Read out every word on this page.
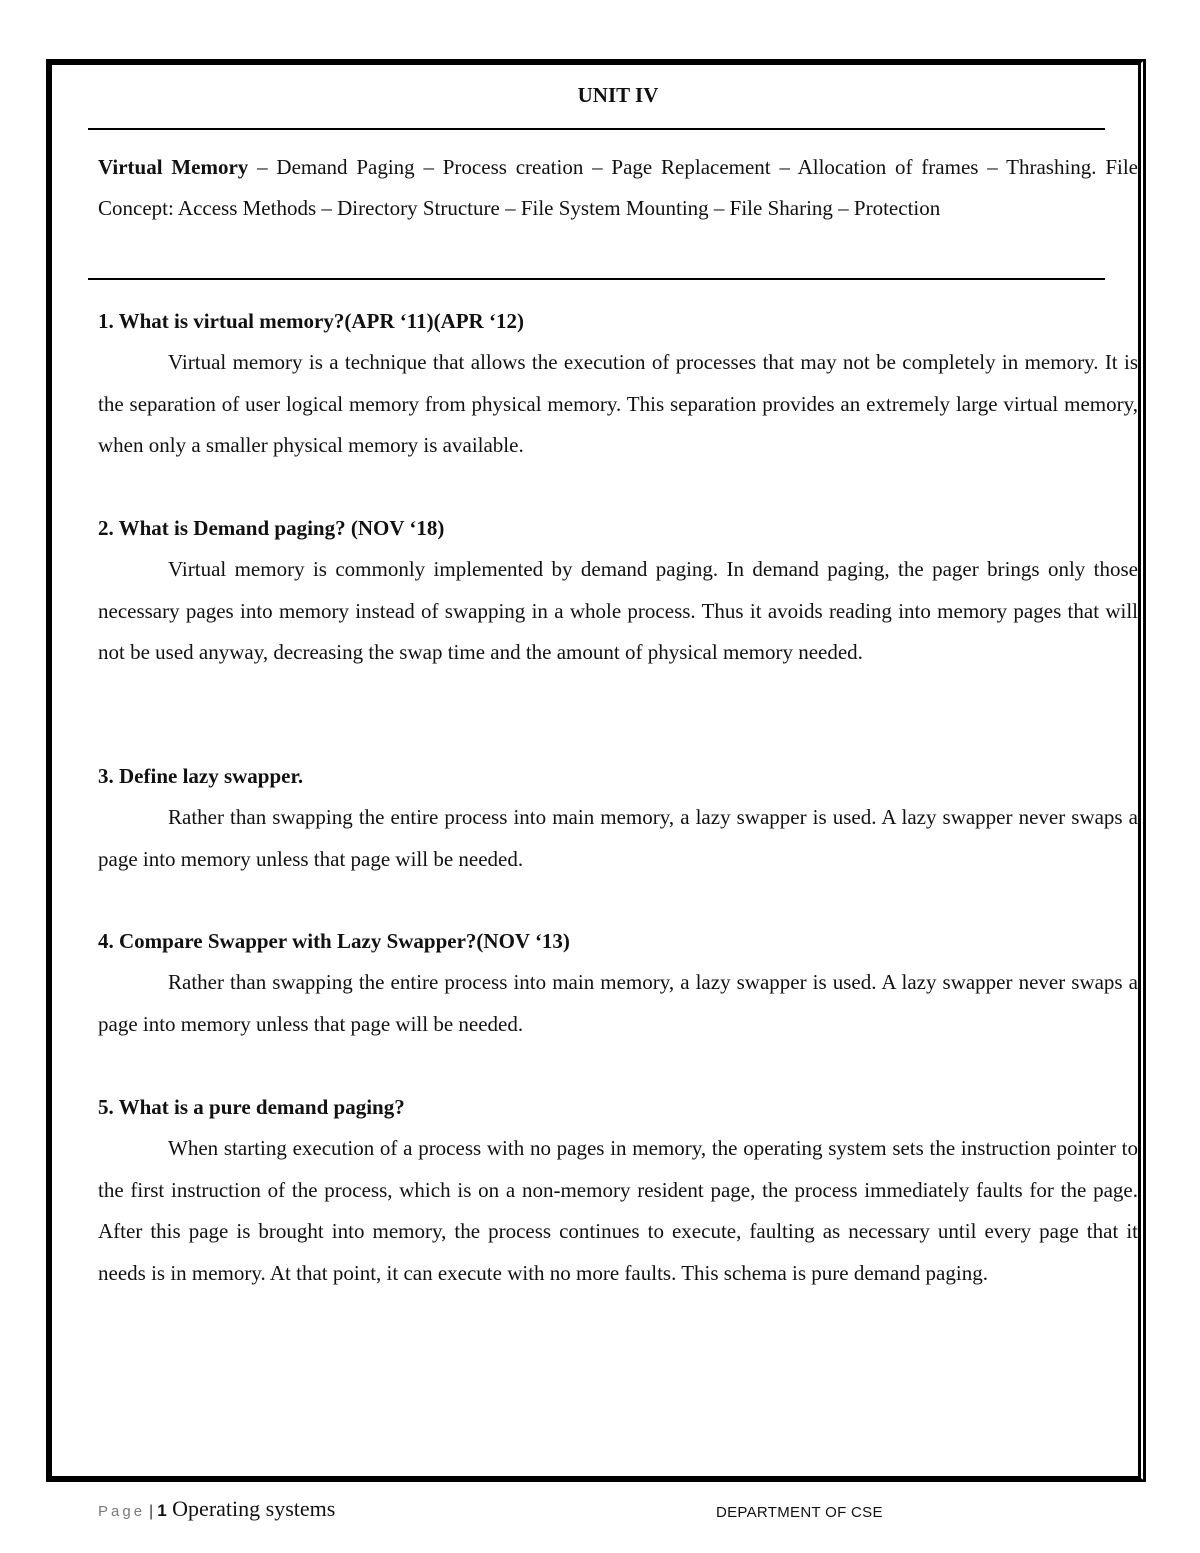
UNIT IV

Virtual Memory – Demand Paging – Process creation – Page Replacement – Allocation of frames – Thrashing. File Concept: Access Methods – Directory Structure – File System Mounting – File Sharing – Protection

1. What is virtual memory?(APR ‘11)(APR ‘12)

Virtual memory is a technique that allows the execution of processes that may not be completely in memory. It is the separation of user logical memory from physical memory. This separation provides an extremely large virtual memory, when only a smaller physical memory is available.

2. What is Demand paging? (NOV ‘18)

Virtual memory is commonly implemented by demand paging. In demand paging, the pager brings only those necessary pages into memory instead of swapping in a whole process. Thus it avoids reading into memory pages that will not be used anyway, decreasing the swap time and the amount of physical memory needed.

3. Define lazy swapper.

Rather than swapping the entire process into main memory, a lazy swapper is used. A lazy swapper never swaps a page into memory unless that page will be needed.

4. Compare Swapper with Lazy Swapper?(NOV ‘13)

Rather than swapping the entire process into main memory, a lazy swapper is used. A lazy swapper never swaps a page into memory unless that page will be needed.

5. What is a pure demand paging?

When starting execution of a process with no pages in memory, the operating system sets the instruction pointer to the first instruction of the process, which is on a non-memory resident page, the process immediately faults for the page. After this page is brought into memory, the process continues to execute, faulting as necessary until every page that it needs is in memory. At that point, it can execute with no more faults. This schema is pure demand paging.

Page | 1 Operating systems	DEPARTMENT OF CSE
